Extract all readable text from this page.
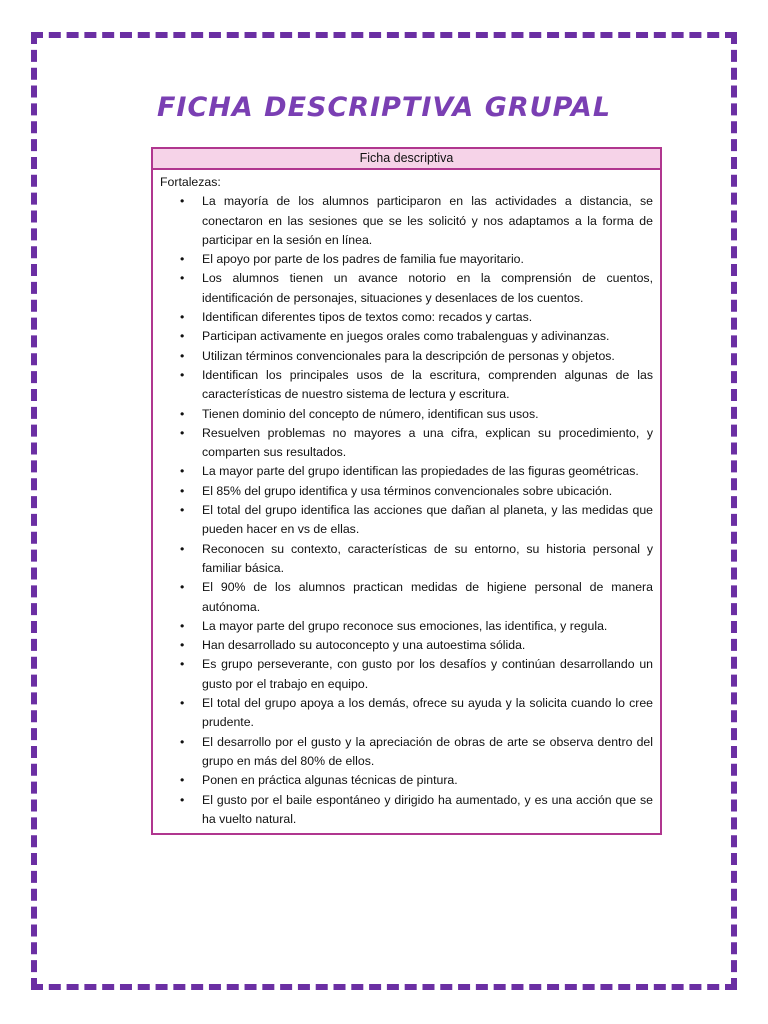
FICHA DESCRIPTIVA GRUPAL
Ficha descriptiva

Fortalezas:

• La mayoría de los alumnos participaron en las actividades a distancia, se conectaron en las sesiones que se les solicitó y nos adaptamos a la forma de participar en la sesión en línea.
• El apoyo por parte de los padres de familia fue mayoritario.
• Los alumnos tienen un avance notorio en la comprensión de cuentos, identificación de personajes, situaciones y desenlaces de los cuentos.
• Identifican diferentes tipos de textos como: recados y cartas.
• Participan activamente en juegos orales como trabalenguas y adivinanzas.
• Utilizan términos convencionales para la descripción de personas y objetos.
• Identifican los principales usos de la escritura, comprenden algunas de las características de nuestro sistema de lectura y escritura.
• Tienen dominio del concepto de número, identifican sus usos.
• Resuelven problemas no mayores a una cifra, explican su procedimiento, y comparten sus resultados.
• La mayor parte del grupo identifican las propiedades de las figuras geométricas.
• El 85% del grupo identifica y usa términos convencionales sobre ubicación.
• El total del grupo identifica las acciones que dañan al planeta, y las medidas que pueden hacer en vs de ellas.
• Reconocen su contexto, características de su entorno, su historia personal y familiar básica.
• El 90% de los alumnos practican medidas de higiene personal de manera autónoma.
• La mayor parte del grupo reconoce sus emociones, las identifica, y regula.
• Han desarrollado su autoconcepto y una autoestima sólida.
• Es grupo perseverante, con gusto por los desafíos y continúan desarrollando un gusto por el trabajo en equipo.
• El total del grupo apoya a los demás, ofrece su ayuda y la solicita cuando lo cree prudente.
• El desarrollo por el gusto y la apreciación de obras de arte se observa dentro del grupo en más del 80% de ellos.
• Ponen en práctica algunas técnicas de pintura.
• El gusto por el baile espontáneo y dirigido ha aumentado, y es una acción que se ha vuelto natural.
